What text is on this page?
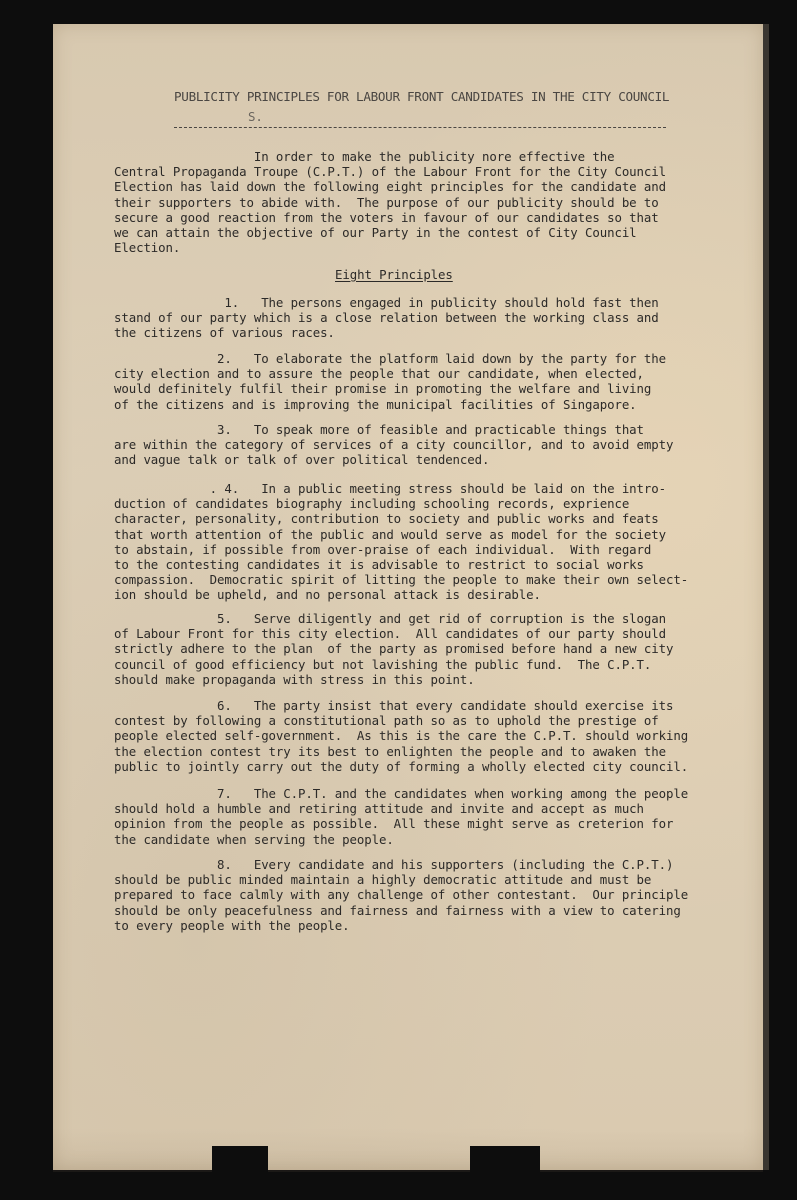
PUBLICITY PRINCIPLES FOR LABOUR FRONT CANDIDATES IN THE CITY COUNCIL
S.

In order to make the publicity nore effective the
Central Propaganda Troupe (C.P.T.) of the Labour Front for the City Council
Election has laid down the following eight principles for the candidate and
their supporters to abide with.  The purpose of our publicity should be to
secure a good reaction from the voters in favour of our candidates so that
we can attain the objective of our Party in the contest of City Council
Election.

Eight Principles

1.   The persons engaged in publicity should hold fast then
stand of our party which is a close relation between the working class and
the citizens of various races.

2.   To elaborate the platform laid down by the party for the
city election and to assure the people that our candidate, when elected,
would definitely fulfil their promise in promoting the welfare and living
of the citizens and is improving the municipal facilities of Singapore.

3.   To speak more of feasible and practicable things that
are within the category of services of a city councillor, and to avoid empty
and vague talk or talk of over political tendenced.

. 4.   In a public meeting stress should be laid on the intro-
duction of candidates biography including schooling records, exprience
character, personality, contribution to society and public works and feats
that worth attention of the public and would serve as model for the society
to abstain, if possible from over-praise of each individual.  With regard
to the contesting candidates it is advisable to restrict to social works
compassion.  Democratic spirit of litting the people to make their own select-
ion should be upheld, and no personal attack is desirable.

5.   Serve diligently and get rid of corruption is the slogan
of Labour Front for this city election.  All candidates of our party should
strictly adhere to the plan  of the party as promised before hand a new city
council of good efficiency but not lavishing the public fund.  The C.P.T.
should make propaganda with stress in this point.

6.   The party insist that every candidate should exercise its
contest by following a constitutional path so as to uphold the prestige of
people elected self-government.  As this is the care the C.P.T. should working
the election contest try its best to enlighten the people and to awaken the
public to jointly carry out the duty of forming a wholly elected city council.

7.   The C.P.T. and the candidates when working among the people
should hold a humble and retiring attitude and invite and accept as much
opinion from the people as possible.  All these might serve as creterion for
the candidate when serving the people.

8.   Every candidate and his supporters (including the C.P.T.)
should be public minded maintain a highly democratic attitude and must be
prepared to face calmly with any challenge of other contestant.  Our principle
should be only peacefulness and fairness and fairness with a view to catering
to every people with the people.
